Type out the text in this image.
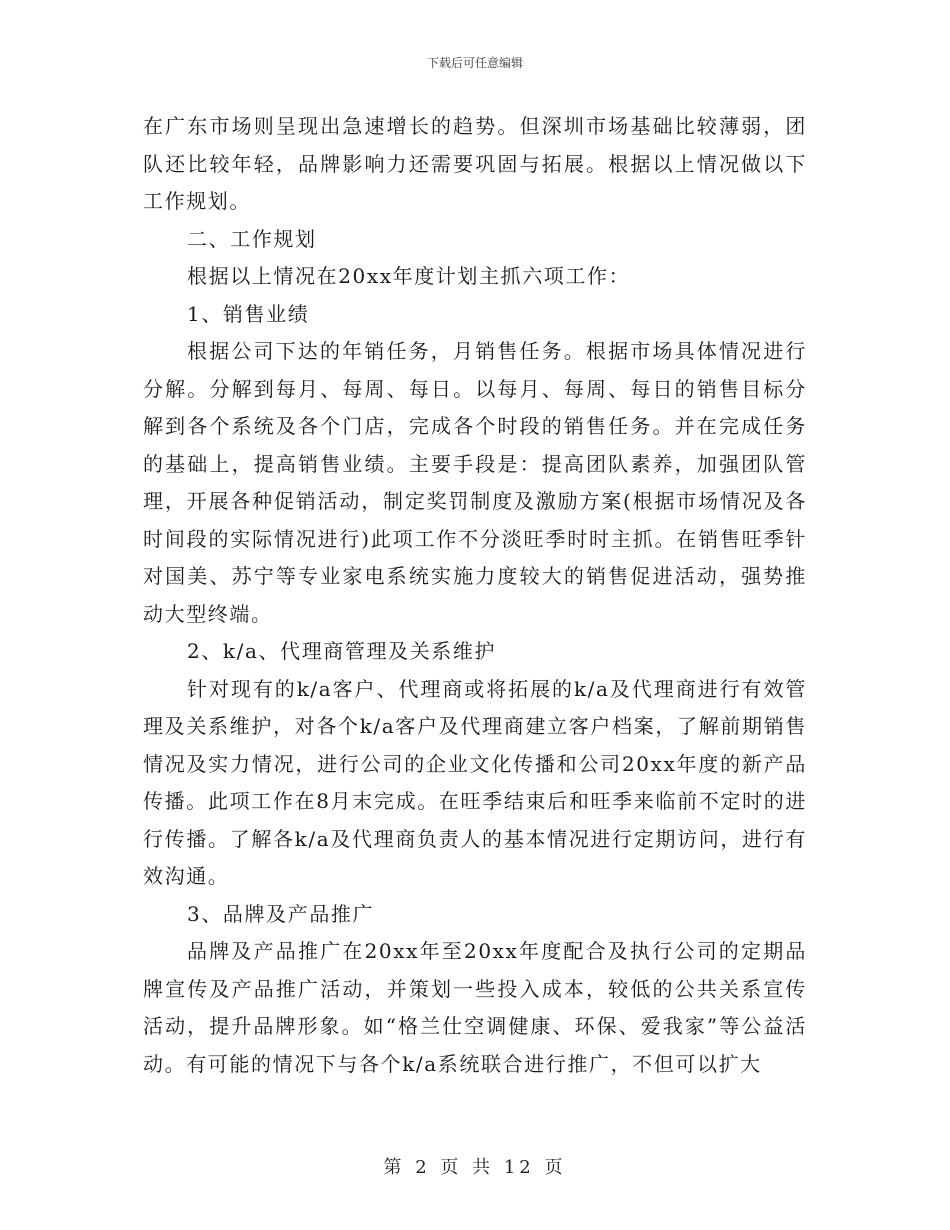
下载后可任意编辑

在广东市场则呈现出急速增长的趋势。但深圳市场基础比较薄弱，团队还比较年轻，品牌影响力还需要巩固与拓展。根据以上情况做以下工作规划。

二、工作规划

根据以上情况在20xx年度计划主抓六项工作：

1、销售业绩

根据公司下达的年销任务，月销售任务。根据市场具体情况进行分解。分解到每月、每周、每日。以每月、每周、每日的销售目标分解到各个系统及各个门店，完成各个时段的销售任务。并在完成任务的基础上，提高销售业绩。主要手段是：提高团队素养，加强团队管理，开展各种促销活动，制定奖罚制度及激励方案(根据市场情况及各时间段的实际情况进行)此项工作不分淡旺季时时主抓。在销售旺季针对国美、苏宁等专业家电系统实施力度较大的销售促进活动，强势推动大型终端。

2、k/a、代理商管理及关系维护

针对现有的k/a客户、代理商或将拓展的k/a及代理商进行有效管理及关系维护，对各个k/a客户及代理商建立客户档案，了解前期销售情况及实力情况，进行公司的企业文化传播和公司20xx年度的新产品传播。此项工作在8月末完成。在旺季结束后和旺季来临前不定时的进行传播。了解各k/a及代理商负责人的基本情况进行定期访问，进行有效沟通。

3、品牌及产品推广

品牌及产品推广在20xx年至20xx年度配合及执行公司的定期品牌宣传及产品推广活动，并策划一些投入成本，较低的公共关系宣传活动，提升品牌形象。如“格兰仕空调健康、环保、爱我家”等公益活动。有可能的情况下与各个k/a系统联合进行推广，不但可以扩大

第 2 页 共 12 页
